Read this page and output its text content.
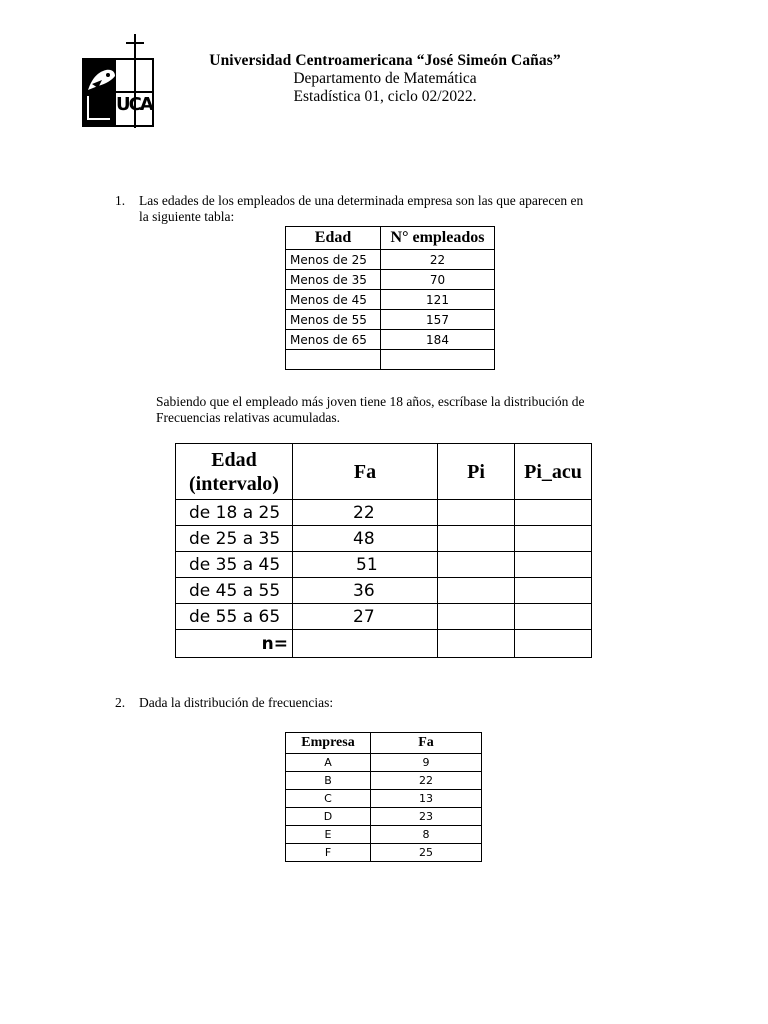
UCA
Universidad Centroamericana “José Simeón Cañas”
Departamento de Matemática
Estadística 01, ciclo 02/2022.
1. Las edades de los empleados de una determinada empresa son las que aparecen en
la siguiente tabla:
Edad	N° empleados
Menos de 25	22
Menos de 35	70
Menos de 45	121
Menos de 55	157
Menos de 65	184

Sabiendo que el empleado más joven tiene 18 años, escríbase la distribución de
Frecuencias relativas acumuladas.
Edad
(intervalo)	Fa	Pi	Pi_acu
de 18 a 25	22		
de 25 a 35	48		
de 35 a 45	51		
de 45 a 55	36		
de 55 a 65	27		
n=			
2. Dada la distribución de frecuencias:
Empresa	Fa
A	9
B	22
C	13
D	23
E	8
F	25
